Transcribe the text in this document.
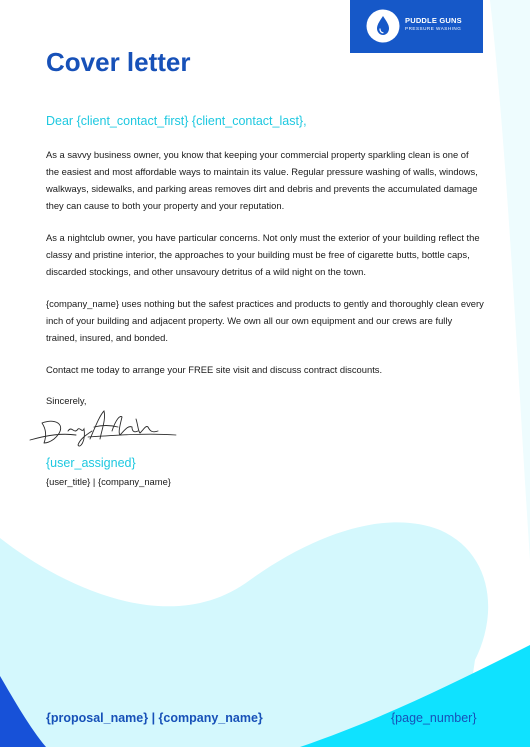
PUDDLE GUNS
PRESSURE WASHING
Cover letter

Dear {client_contact_first} {client_contact_last},

As a savvy business owner, you know that keeping your commercial property sparkling clean is one of the easiest and most affordable ways to maintain its value. Regular pressure washing of walls, windows, walkways, sidewalks, and parking areas removes dirt and debris and prevents the accumulated damage they can cause to both your property and your reputation.

As a nightclub owner, you have particular concerns. Not only must the exterior of your building reflect the classy and pristine interior, the approaches to your building must be free of cigarette butts, bottle caps, discarded stockings, and other unsavoury detritus of a wild night on the town.

{company_name} uses nothing but the safest practices and products to gently and thoroughly clean every inch of your building and adjacent property. We own all our own equipment and our crews are fully trained, insured, and bonded.

Contact me today to arrange your FREE site visit and discuss contract discounts.

Sincerely,

{user_assigned}

{user_title} | {company_name}

{proposal_name} | {company_name}	{page_number}
